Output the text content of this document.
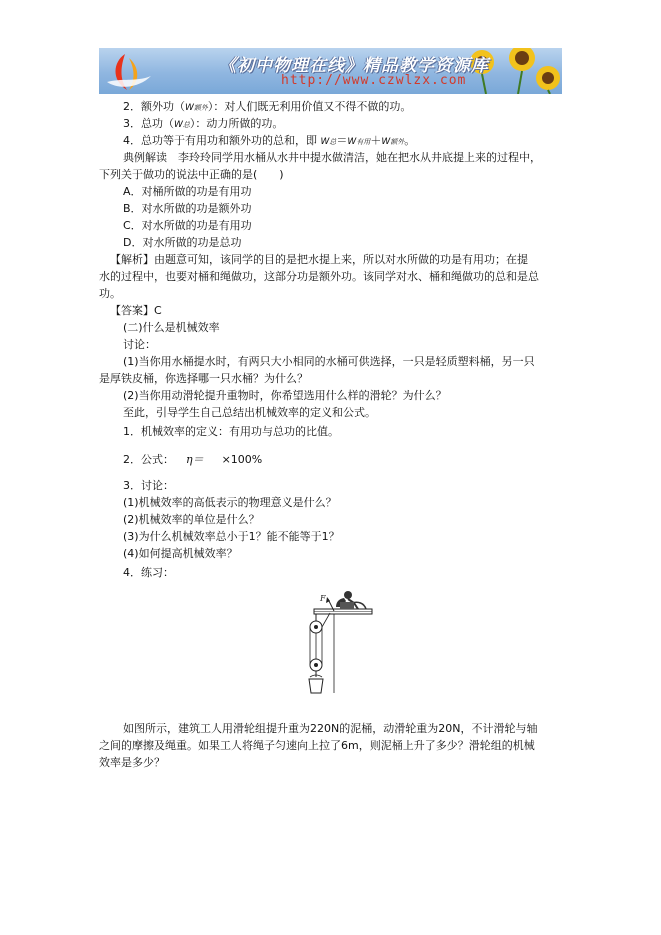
《初中物理在线》精品教学资源库
http://www.czwlzx.com
2．额外功（W额外）：对人们既无利用价值又不得不做的功。
3．总功（W总）：动力所做的功。
4．总功等于有用功和额外功的总和，即 W总＝W有用＋W额外。
典例解读　李玲玲同学用水桶从水井中提水做清洁，她在把水从井底提上来的过程中，
下列关于做功的说法中正确的是(　　)
A．对桶所做的功是有用功
B．对水所做的功是额外功
C．对水所做的功是有用功
D．对水所做的功是总功
【解析】由题意可知，该同学的目的是把水提上来，所以对水所做的功是有用功；在提
水的过程中，也要对桶和绳做功，这部分功是额外功。该同学对水、桶和绳做功的总和是总
功。
【答案】C
(二)什么是机械效率
讨论：
(1)当你用水桶提水时，有两只大小相同的水桶可供选择，一只是轻质塑料桶，另一只
是厚铁皮桶，你选择哪一只水桶？为什么？
(2)当你用动滑轮提升重物时，你希望选用什么样的滑轮？为什么？
至此，引导学生自己总结出机械效率的定义和公式。
1．机械效率的定义：有用功与总功的比值。
2．公式： η＝ ×100%
3．讨论：
(1)机械效率的高低表示的物理意义是什么？
(2)机械效率的单位是什么？
(3)为什么机械效率总小于1？能不能等于1？
(4)如何提高机械效率？
4．练习：
F
如图所示，建筑工人用滑轮组提升重为220N的泥桶，动滑轮重为20N，不计滑轮与轴
之间的摩擦及绳重。如果工人将绳子匀速向上拉了6m，则泥桶上升了多少？滑轮组的机械
效率是多少？
